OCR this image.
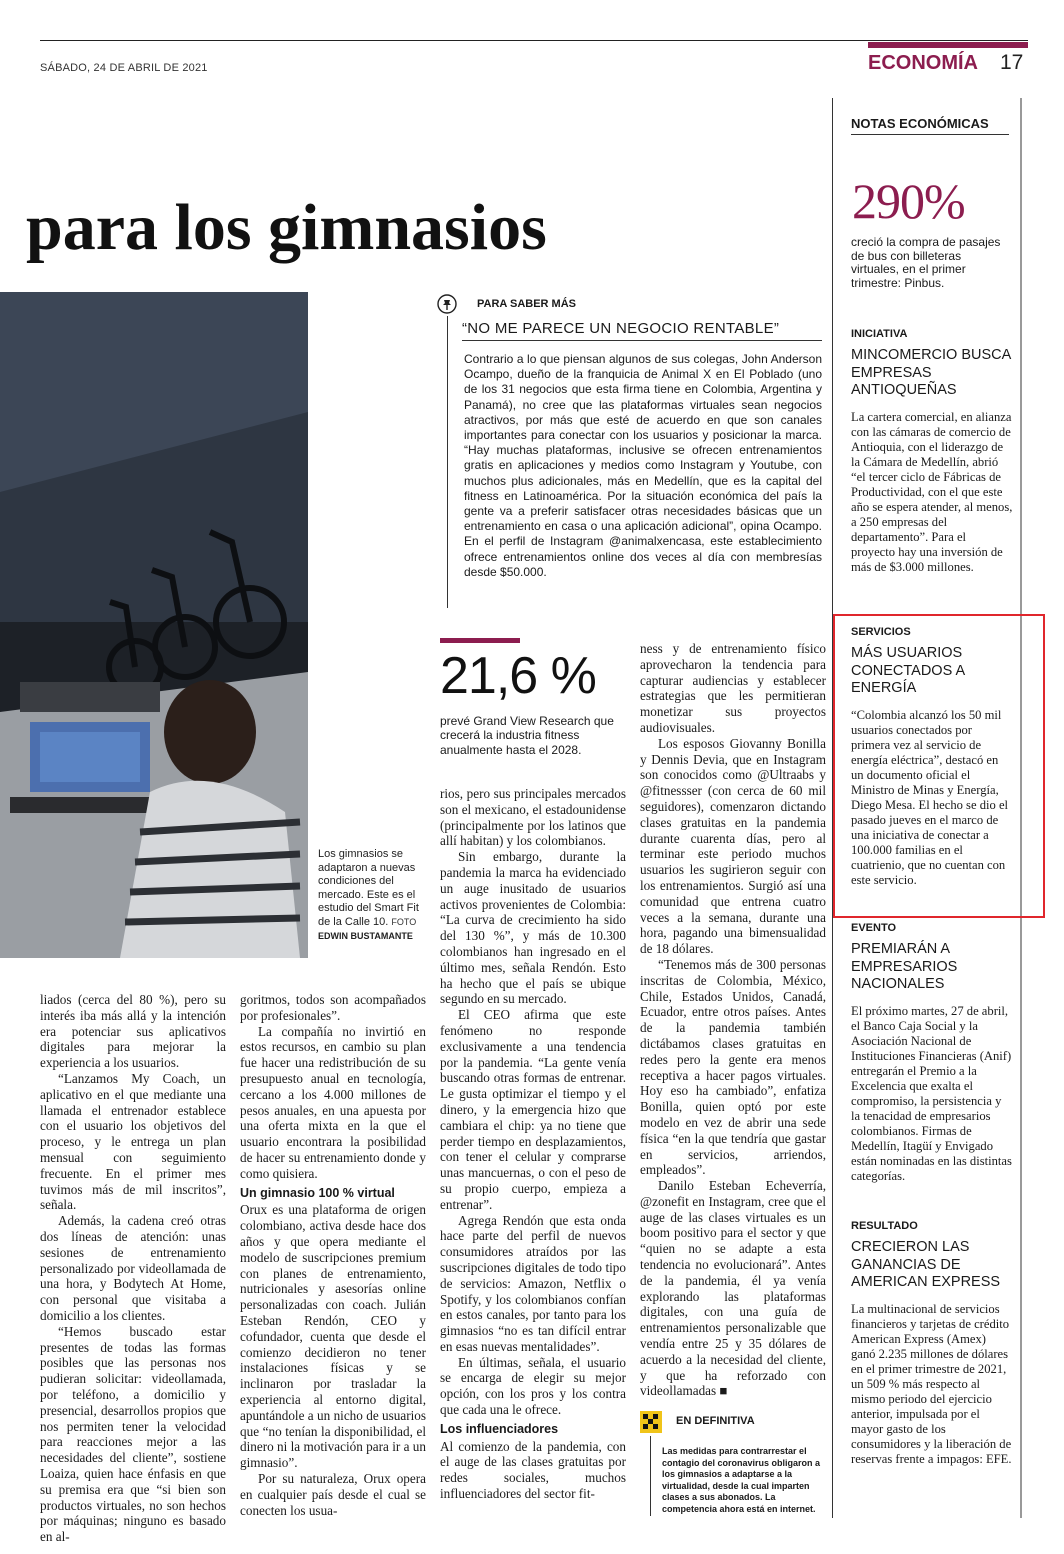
SÁBADO, 24 DE ABRIL DE 2021	ECONOMÍA 17
para los gimnasios
Los gimnasios se adaptaron a nuevas condiciones del mercado. Este es el estudio del Smart Fit de la Calle 10. FOTO
EDWIN BUSTAMANTE
PARA SABER MÁS
“NO ME PARECE UN NEGOCIO RENTABLE”
Contrario a lo que piensan algunos de sus colegas, John Anderson Ocampo, dueño de la franquicia de Animal X en El Poblado (uno de los 31 negocios que esta firma tiene en Colombia, Argentina y Panamá), no cree que las plataformas virtuales sean negocios atractivos, por más que esté de acuerdo en que son canales importantes para conectar con los usuarios y posicionar la marca. “Hay muchas plataformas, inclusive se ofrecen entrenamientos gratis en aplicaciones y medios como Instagram y Youtube, con muchos plus adicionales, más en Medellín, que es la capital del fitness en Latinoamérica. Por la situación económica del país la gente va a preferir satisfacer otras necesidades básicas que un entrenamiento en casa o una aplicación adicional”, opina Ocampo. En el perfil de Instagram @animalxencasa, este establecimiento ofrece entrenamientos online dos veces al día con membresías desde $50.000.
21,6 %
prevé Grand View Research que crecerá la industria fitness anualmente hasta el 2028.

liados (cerca del 80 %), pero su interés iba más allá y la intención era potenciar sus aplicativos digitales para mejorar la experiencia a los usuarios.

“Lanzamos My Coach, un aplicativo en el que mediante una llamada el entrenador establece con el usuario los objetivos del proceso, y le entrega un plan mensual con seguimiento frecuente. En el primer mes tuvimos más de mil inscritos”, señala.

Además, la cadena creó otras dos líneas de atención: unas sesiones de entrenamiento personalizado por videollamada de una hora, y Bodytech At Home, con personal que visitaba a domicilio a los clientes.

“Hemos buscado estar presentes de todas las formas posibles que las personas nos pudieran solicitar: videollamada, por teléfono, a domicilio y presencial, desarrollos propios que nos permiten tener la velocidad para reacciones mejor a las necesidades del cliente”, sostiene Loaiza, quien hace énfasis en que su premisa era que “si bien son productos virtuales, no son hechos por máquinas; ninguno es basado en al-

goritmos, todos son acompañados por profesionales”.

La compañía no invirtió en estos recursos, en cambio su plan fue hacer una redistribución de su presupuesto anual en tecnología, cercano a los 4.000 millones de pesos anuales, en una apuesta por una oferta mixta en la que el usuario encontrara la posibilidad de hacer su entrenamiento donde y como quisiera.

Un gimnasio 100 % virtual

Orux es una plataforma de origen colombiano, activa desde hace dos años y que opera mediante el modelo de suscripciones premium con planes de entrenamiento, nutricionales y asesorías online personalizadas con coach. Julián Esteban Rendón, CEO y cofundador, cuenta que desde el comienzo decidieron no tener instalaciones físicas y se inclinaron por trasladar la experiencia al entorno digital, apuntándole a un nicho de usuarios que “no tenían la disponibilidad, el dinero ni la motivación para ir a un gimnasio”.

Por su naturaleza, Orux opera en cualquier país desde el cual se conecten los usua-

rios, pero sus principales mercados son el mexicano, el estadounidense (principalmente por los latinos que allí habitan) y los colombianos.

Sin embargo, durante la pandemia la marca ha evidenciado un auge inusitado de usuarios activos provenientes de Colombia: “La curva de crecimiento ha sido del 130 %”, y más de 10.300 colombianos han ingresado en el último mes, señala Rendón. Esto ha hecho que el país se ubique segundo en su mercado.

El CEO afirma que este fenómeno no responde exclusivamente a una tendencia por la pandemia. “La gente venía buscando otras formas de entrenar. Le gusta optimizar el tiempo y el dinero, y la emergencia hizo que cambiara el chip: ya no tiene que perder tiempo en desplazamientos, con tener el celular y comprarse unas mancuernas, o con el peso de su propio cuerpo, empieza a entrenar”.

Agrega Rendón que esta onda hace parte del perfil de nuevos consumidores atraídos por las suscripciones digitales de todo tipo de servicios: Amazon, Netflix o Spotify, y los colombianos confían en estos canales, por tanto para los gimnasios “no es tan difícil entrar en esas nuevas mentalidades”.

En últimas, señala, el usuario se encarga de elegir su mejor opción, con los pros y los contra que cada una le ofrece.

Los influenciadores

Al comienzo de la pandemia, con el auge de las clases gratuitas por redes sociales, muchos influenciadores del sector fit-

ness y de entrenamiento físico aprovecharon la tendencia para capturar audiencias y establecer estrategias que les permitieran monetizar sus proyectos audiovisuales.

Los esposos Giovanny Bonilla y Dennis Devia, que en Instagram son conocidos como @Ultraabs y @fitnessser (con cerca de 60 mil seguidores), comenzaron dictando clases gratuitas en la pandemia durante cuarenta días, pero al terminar este periodo muchos usuarios les sugirieron seguir con los entrenamientos. Surgió así una comunidad que entrena cuatro veces a la semana, durante una hora, pagando una bimensualidad de 18 dólares.

“Tenemos más de 300 personas inscritas de Colombia, México, Chile, Estados Unidos, Canadá, Ecuador, entre otros países. Antes de la pandemia también dictábamos clases gratuitas en redes pero la gente era menos receptiva a hacer pagos virtuales. Hoy eso ha cambiado”, enfatiza Bonilla, quien optó por este modelo en vez de abrir una sede física “en la que tendría que gastar en servicios, arriendos, empleados”.

Danilo Esteban Echeverría, @zonefit en Instagram, cree que el auge de las clases virtuales es un boom positivo para el sector y que “quien no se adapte a esta tendencia no evolucionará”. Antes de la pandemia, él ya venía explorando las plataformas digitales, con una guía de entrenamientos personalizable que vendía entre 25 y 35 dólares de acuerdo a la necesidad del cliente, y que ha reforzado con videollamadas ■

EN DEFINITIVA
Las medidas para contrarrestar el contagio del coronavirus obligaron a los gimnasios a adaptarse a la virtualidad, desde la cual imparten clases a sus abonados. La competencia ahora está en internet.
NOTAS ECONÓMICAS
290%
creció la compra de pasajes de bus con billeteras virtuales, en el primer trimestre: Pinbus.
INICIATIVA
MINCOMERCIO BUSCA EMPRESAS ANTIOQUEÑAS
La cartera comercial, en alianza con las cámaras de comercio de Antioquia, con el liderazgo de la Cámara de Medellín, abrió “el tercer ciclo de Fábricas de Productividad, con el que este año se espera atender, al menos, a 250 empresas del departamento”. Para el proyecto hay una inversión de más de $3.000 millones.
SERVICIOS
MÁS USUARIOS CONECTADOS A ENERGÍA
“Colombia alcanzó los 50 mil usuarios conectados por primera vez al servicio de energía eléctrica”, destacó en un documento oficial el Ministro de Minas y Energía, Diego Mesa. El hecho se dio el pasado jueves en el marco de una iniciativa de conectar a 100.000 familias en el cuatrienio, que no cuentan con este servicio.
EVENTO
PREMIARÁN A EMPRESARIOS NACIONALES
El próximo martes, 27 de abril, el Banco Caja Social y la Asociación Nacional de Instituciones Financieras (Anif) entregarán el Premio a la Excelencia que exalta el compromiso, la persistencia y la tenacidad de empresarios colombianos. Firmas de Medellín, Itagüí y Envigado están nominadas en las distintas categorías.
RESULTADO
CRECIERON LAS GANANCIAS DE AMERICAN EXPRESS
La multinacional de servicios financieros y tarjetas de crédito American Express (Amex) ganó 2.235 millones de dólares en el primer trimestre de 2021, un 509 % más respecto al mismo periodo del ejercicio anterior, impulsada por el mayor gasto de los consumidores y la liberación de reservas frente a impagos: EFE.
